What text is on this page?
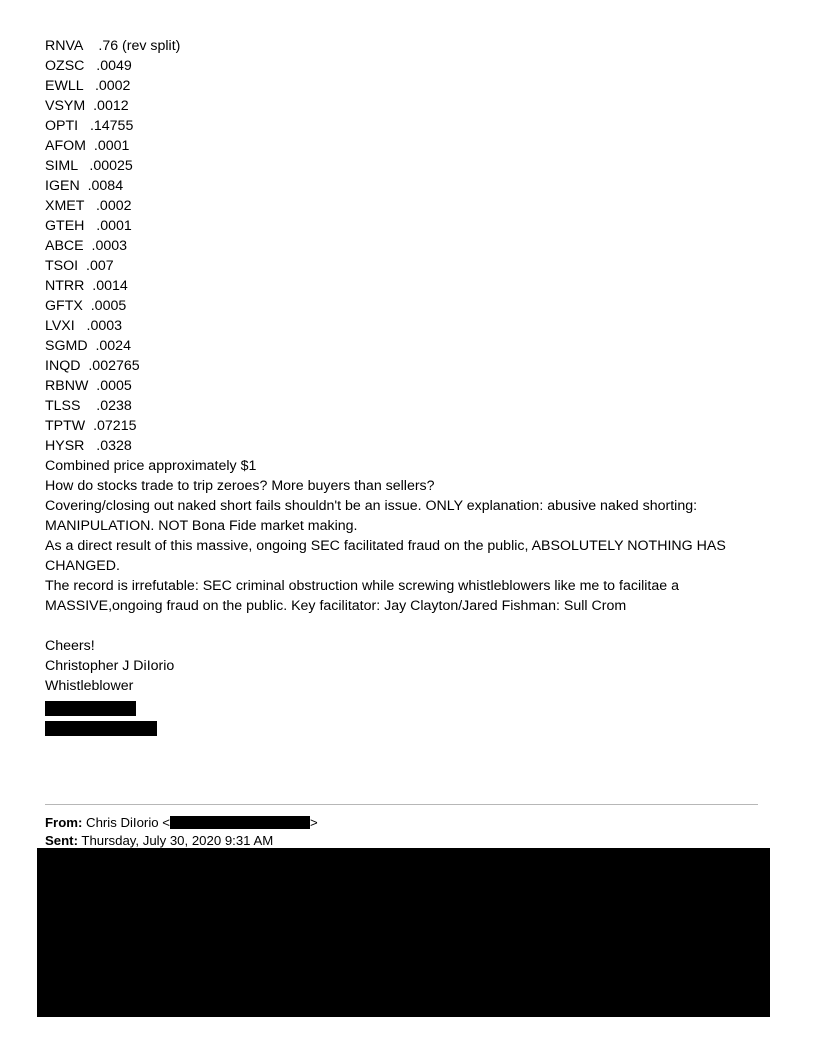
RNVA .76 (rev split)
OZSC .0049
EWLL .0002
VSYM .0012
OPTI .14755
AFOM .0001
SIML .00025
IGEN .0084
XMET .0002
GTEH .0001
ABCE .0003
TSOI .007
NTRR .0014
GFTX .0005
LVXI .0003
SGMD .0024
INQD .002765
RBNW .0005
TLSS .0238
TPTW .07215
HYSR .0328

Combined price approximately $1

How do stocks trade to trip zeroes? More buyers than sellers?

Covering/closing out naked short fails shouldn't be an issue. ONLY explanation: abusive naked shorting: MANIPULATION. NOT Bona Fide market making.

As a direct result of this massive, ongoing SEC facilitated fraud on the public, ABSOLUTELY NOTHING HAS CHANGED.

The record is irrefutable: SEC criminal obstruction while screwing whistleblowers like me to facilitae a MASSIVE,ongoing fraud on the public. Key facilitator: Jay Clayton/Jared Fishman: Sull Crom

Cheers!

Christopher J DiIorio

Whistleblower

From: Chris DiIorio <	>
Sent: Thursday, July 30, 2020 9:31 AM
